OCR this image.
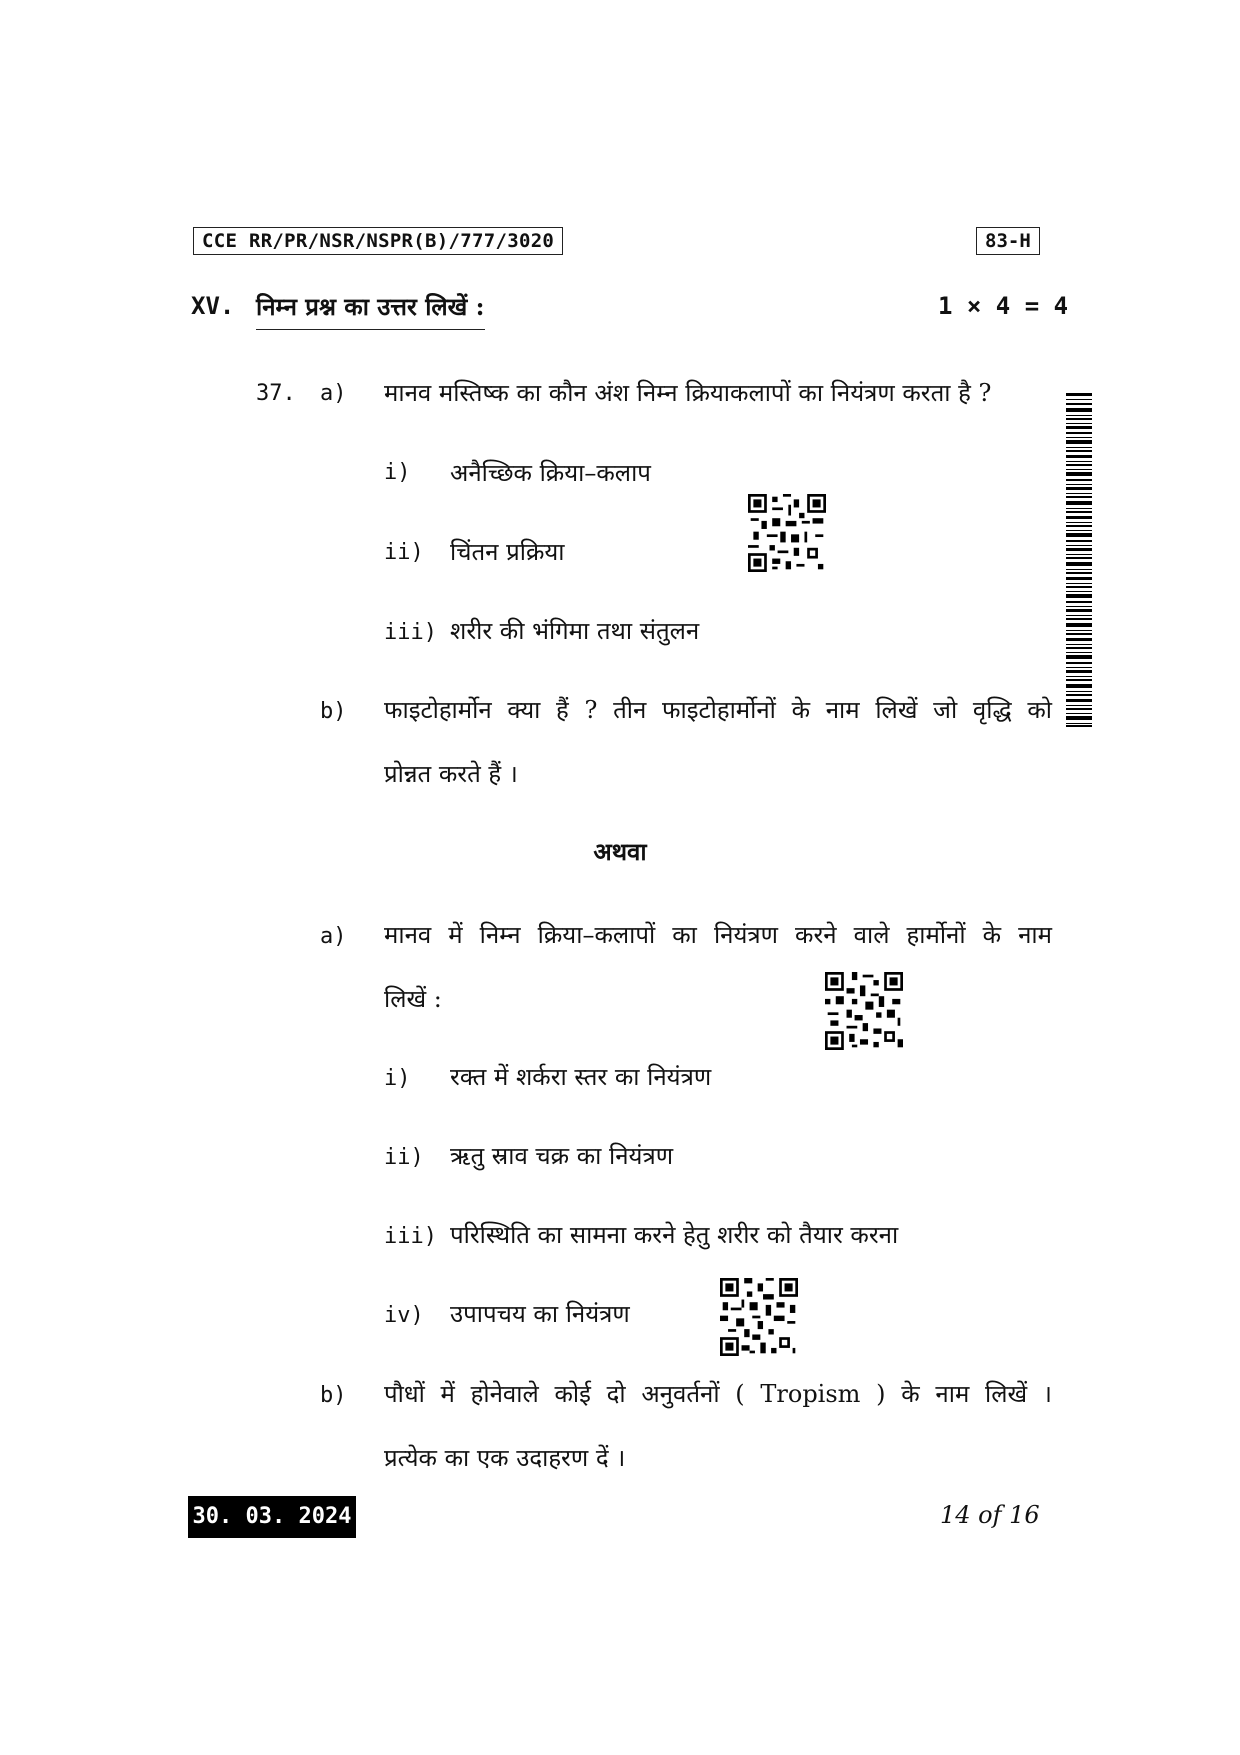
CCE RR/PR/NSR/NSPR(B)/777/3020	83-H
XV. निम्न प्रश्न का उत्तर लिखें :	1 × 4 = 4
37. a) मानव मस्तिष्क का कौन अंश निम्न क्रियाकलापों का नियंत्रण करता है ?
i) अनैच्छिक क्रिया–कलाप
ii) चिंतन प्रक्रिया
iii) शरीर की भंगिमा तथा संतुलन
b) फाइटोहार्मोन क्या हैं ? तीन फाइटोहार्मोनों के नाम लिखें जो वृद्धि को
प्रोन्नत करते हैं ।
अथवा
a) मानव में निम्न क्रिया–कलापों का नियंत्रण करने वाले हार्मोनों के नाम
लिखें :
i) रक्त में शर्करा स्तर का नियंत्रण
ii) ऋतु स्राव चक्र का नियंत्रण
iii) परिस्थिति का सामना करने हेतु शरीर को तैयार करना
iv) उपापचय का नियंत्रण
b) पौधों में होनेवाले कोई दो अनुवर्तनों ( Tropism ) के नाम लिखें ।
प्रत्येक का एक उदाहरण दें ।
30. 03. 2024	14 of 16
